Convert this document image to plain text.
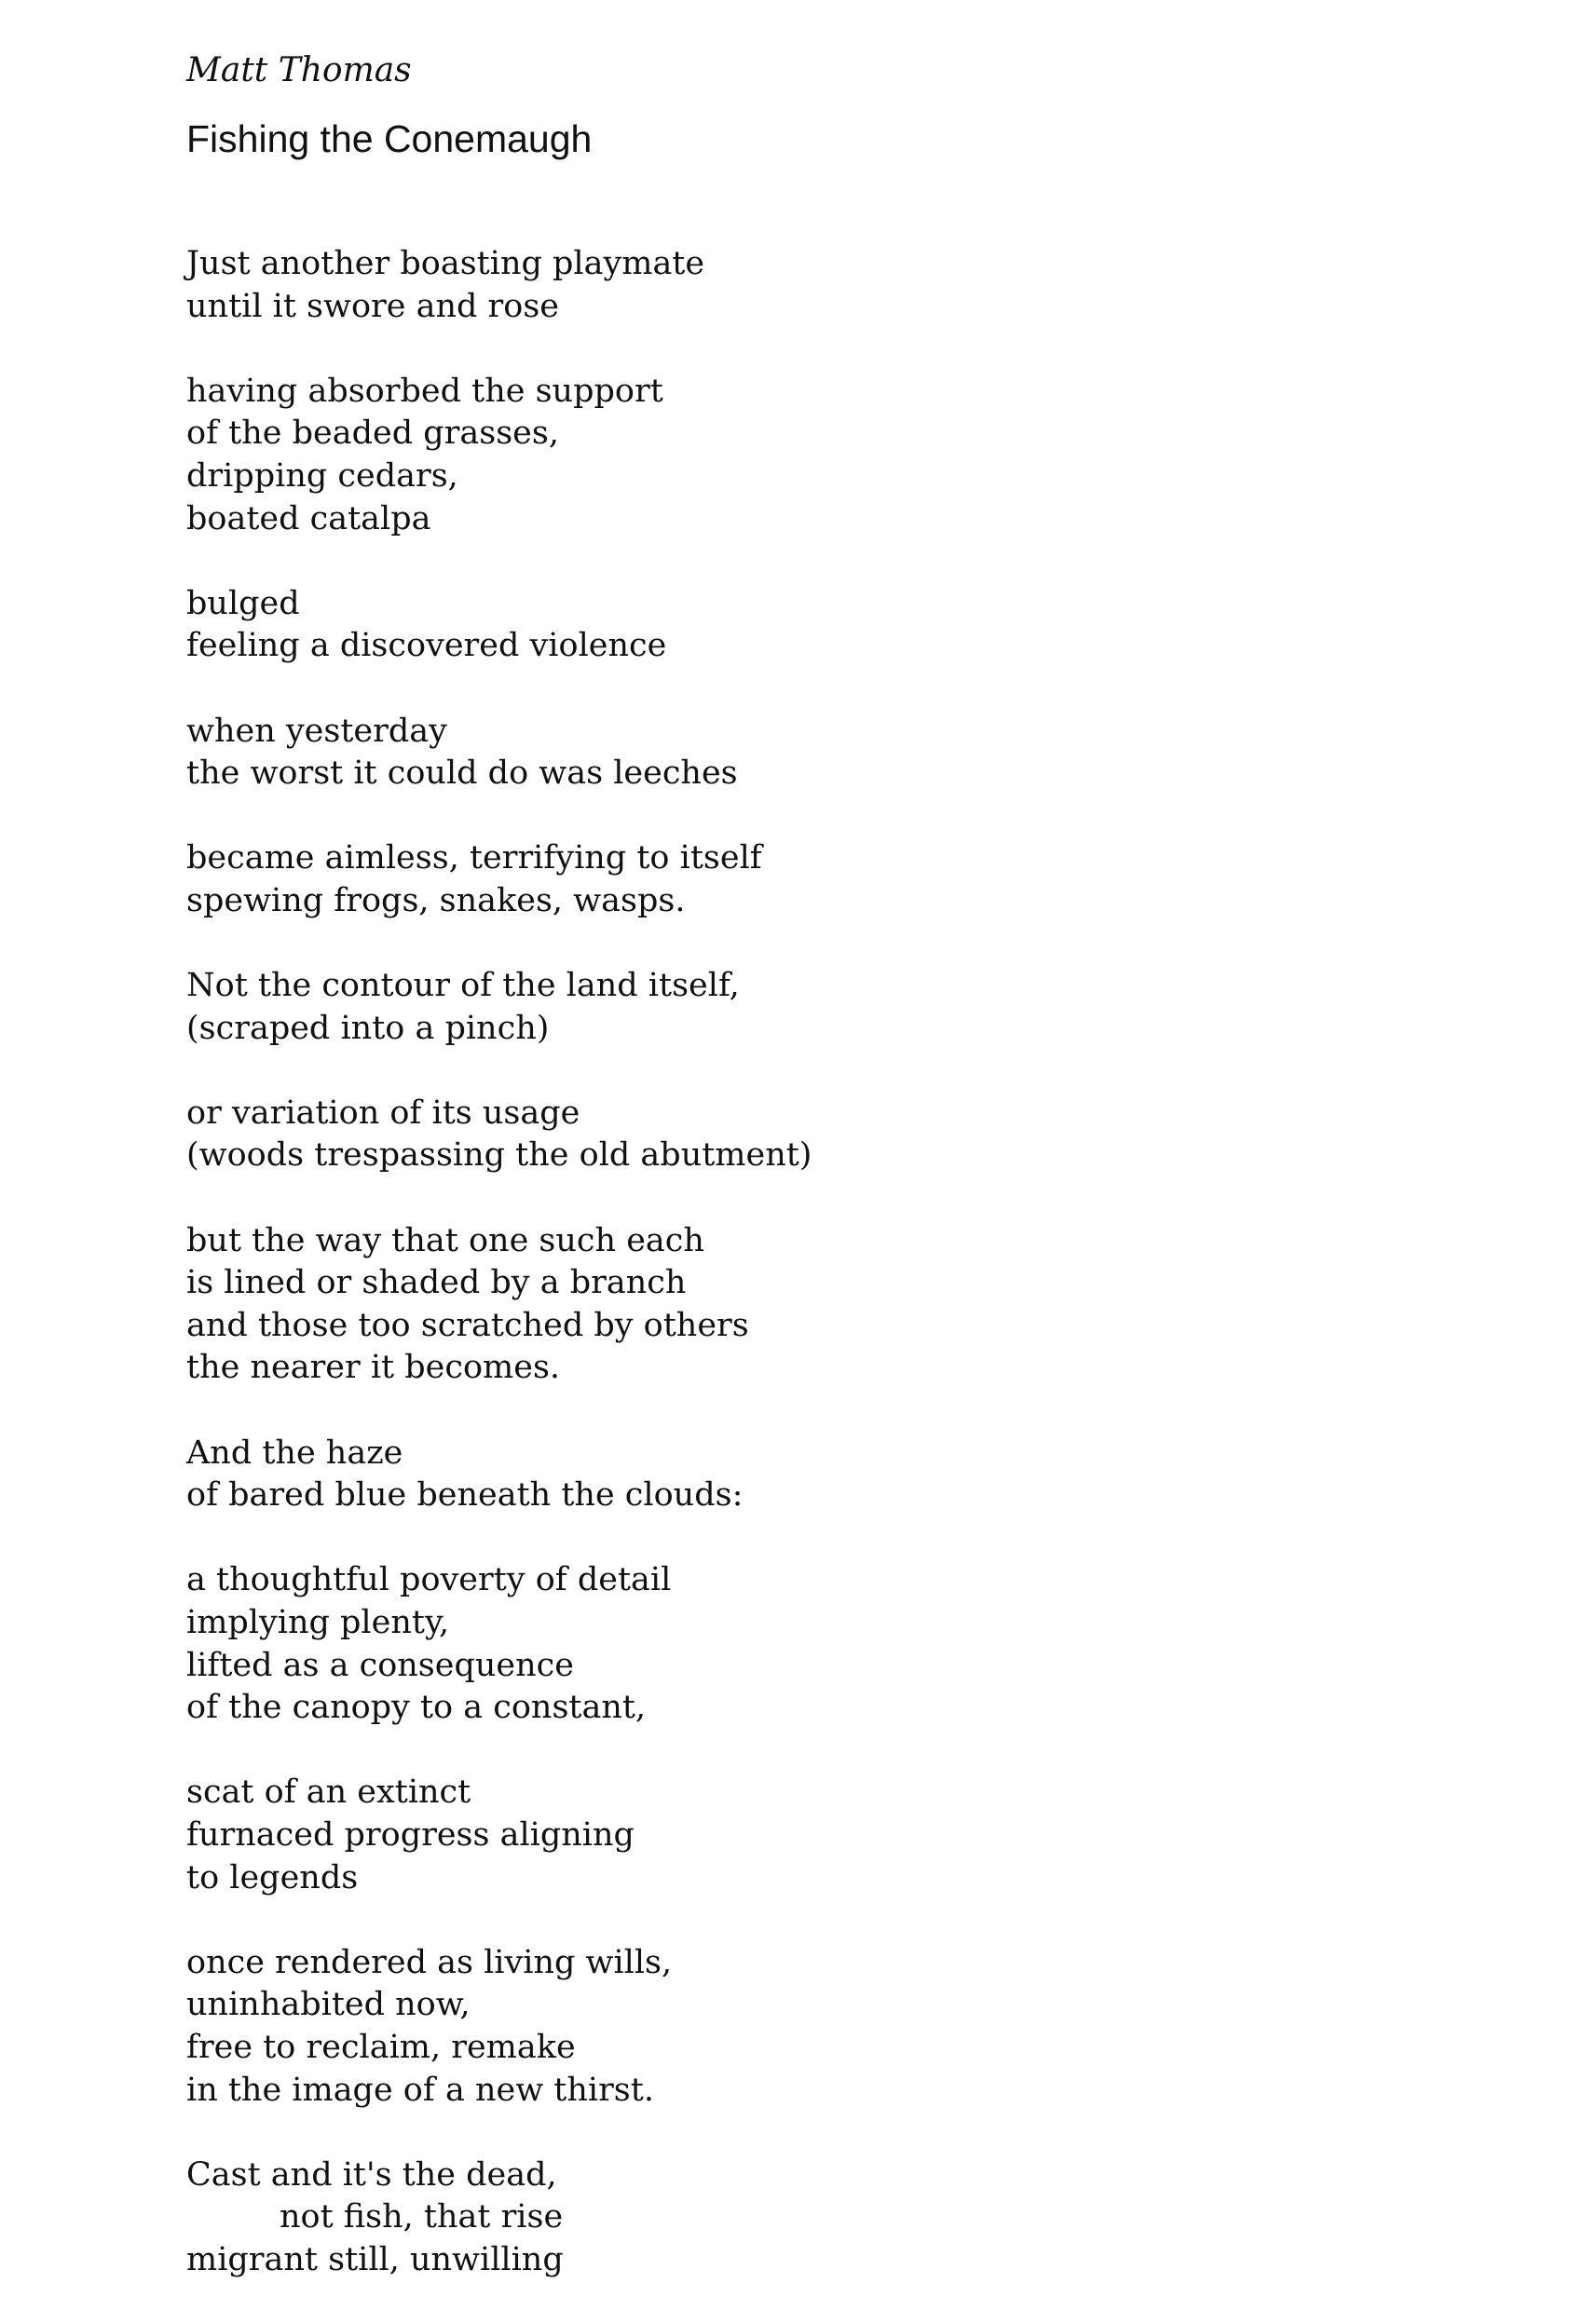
Matt Thomas

Fishing the Conemaugh
Just another boasting playmate
until it swore and rose
having absorbed the support
of the beaded grasses,
dripping cedars,
boated catalpa
bulged
feeling a discovered violence
when yesterday
the worst it could do was leeches
became aimless, terrifying to itself
spewing frogs, snakes, wasps.
Not the contour of the land itself,
(scraped into a pinch)
or variation of its usage
(woods trespassing the old abutment)
but the way that one such each
is lined or shaded by a branch
and those too scratched by others
the nearer it becomes.
And the haze
of bared blue beneath the clouds:
a thoughtful poverty of detail
implying plenty,
lifted as a consequence
of the canopy to a constant,
scat of an extinct
furnaced progress aligning
to legends
once rendered as living wills,
uninhabited now,
free to reclaim, remake
in the image of a new thirst.
Cast and it's the dead,
not fish, that rise
migrant still, unwilling
